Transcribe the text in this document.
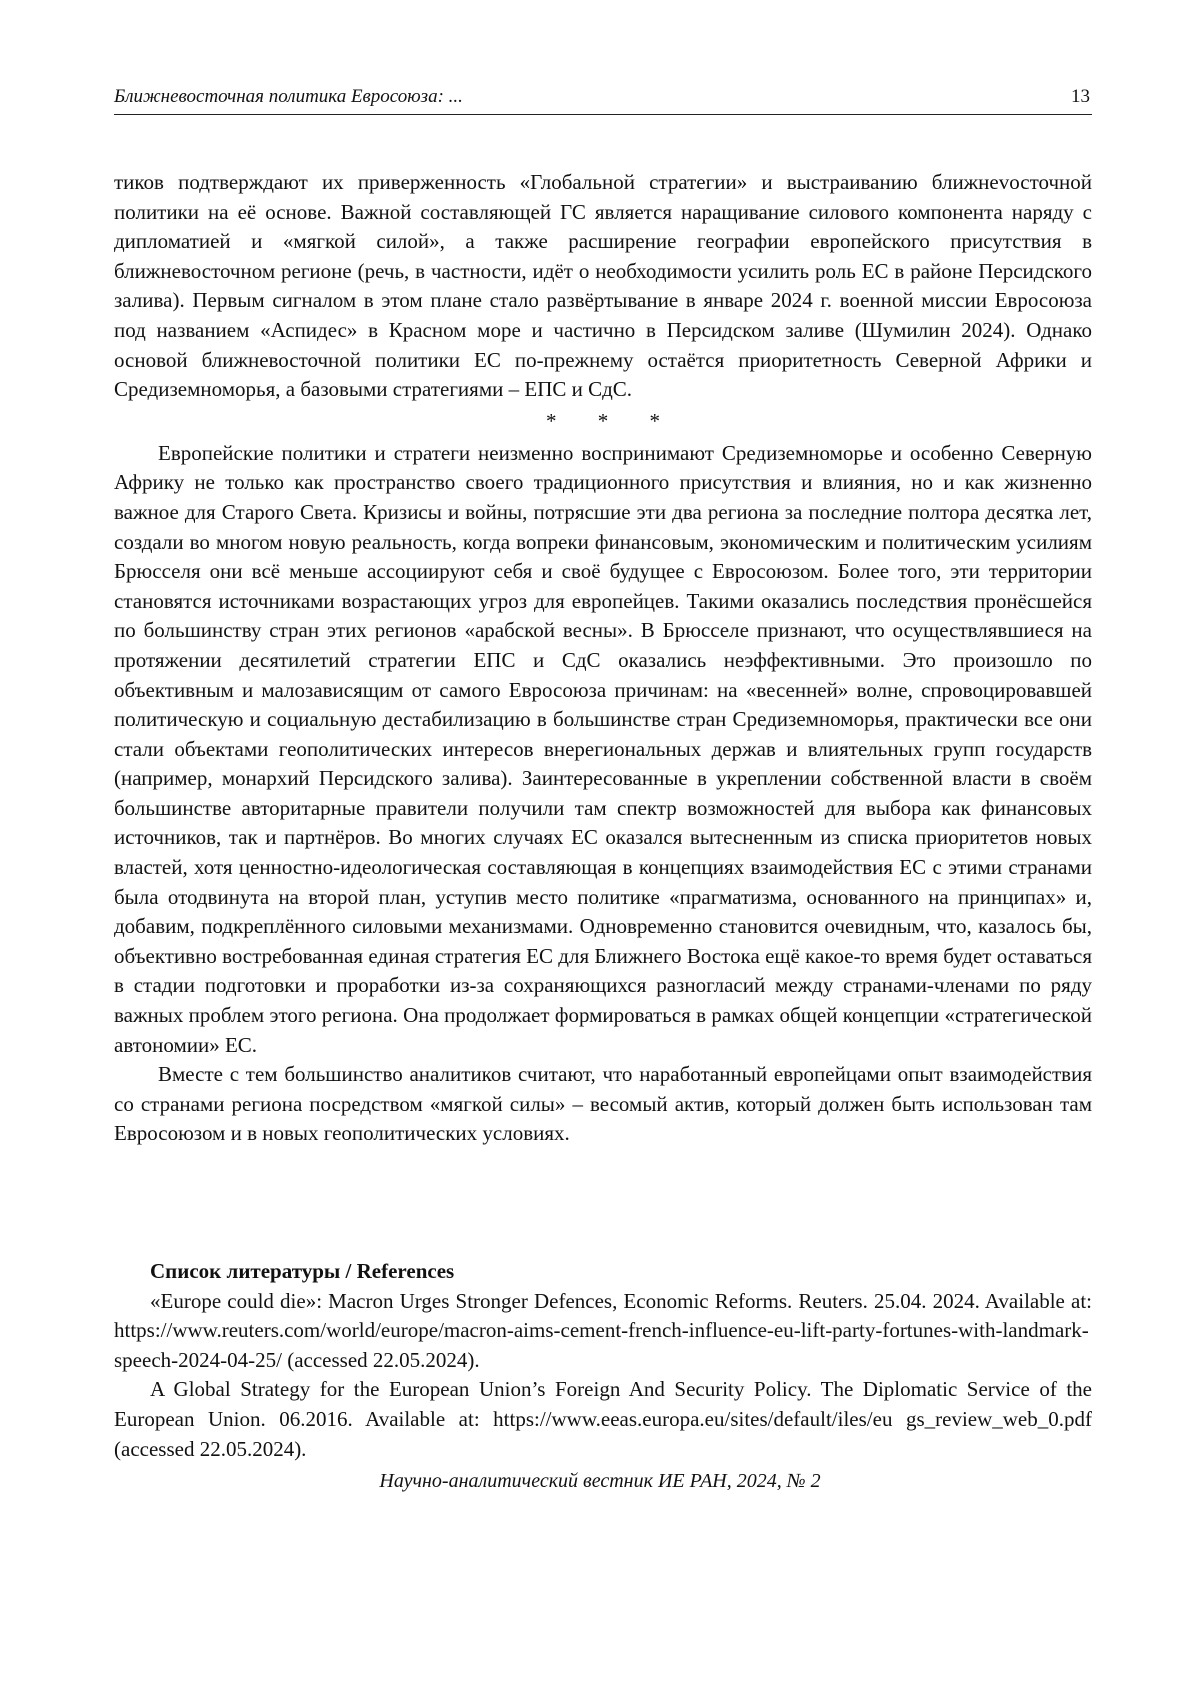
Ближневосточная политика Евросоюза: ...	13

тиков подтверждают их приверженность «Глобальной стратегии» и выстраиванию ближнеvосточной политики на её основе. Важной составляющей ГС является наращивание силового компонента наряду с дипломатией и «мягкой силой», а также расширение географии европейского присутствия в ближневосточном регионе (речь, в частности, идёт о необходимости усилить роль ЕС в районе Персидского залива). Первым сигналом в этом плане стало развёртывание в январе 2024 г. военной миссии Евросоюза под названием «Аспидес» в Красном море и частично в Персидском заливе (Шумилин 2024). Однако основой ближневосточной политики ЕС по-прежнему остаётся приоритетность Северной Африки и Средиземноморья, а базовыми стратегиями – ЕПС и СдС.

* * *

Европейские политики и стратеги неизменно воспринимают Средиземноморье и особенно Северную Африку не только как пространство своего традиционного присутствия и влияния, но и как жизненно важное для Старого Света. Кризисы и войны, потрясшие эти два региона за последние полтора десятка лет, создали во многом новую реальность, когда вопреки финансовым, экономическим и политическим усилиям Брюсселя они всё меньше ассоциируют себя и своё будущее с Евросоюзом. Более того, эти территории становятся источниками возрастающих угроз для европейцев. Такими оказались последствия пронёсшейся по большинству стран этих регионов «арабской весны». В Брюсселе признают, что осуществлявшиеся на протяжении десятилетий стратегии ЕПС и СдС оказались неэффективными. Это произошло по объективным и малозависящим от самого Евросоюза причинам: на «весенней» волне, спровоцировавшей политическую и социальную дестабилизацию в большинстве стран Средиземноморья, практически все они стали объектами геополитических интересов внерегиональных держав и влиятельных групп государств (например, монархий Персидского залива). Заинтересованные в укреплении собственной власти в своём большинстве авторитарные правители получили там спектр возможностей для выбора как финансовых источников, так и партнёров. Во многих случаях ЕС оказался вытесненным из списка приоритетов новых властей, хотя ценностно-идеологическая составляющая в концепциях взаимодействия ЕС с этими странами была отодвинута на второй план, уступив место политике «прагматизма, основанного на принципах» и, добавим, подкреплённого силовыми механизмами. Одновременно становится очевидным, что, казалось бы, объективно востребованная единая стратегия ЕС для Ближнего Востока ещё какое-то время будет оставаться в стадии подготовки и проработки из-за сохраняющихся разногласий между странами-членами по ряду важных проблем этого региона. Она продолжает формироваться в рамках общей концепции «стратегической автономии» ЕС.

Вместе с тем большинство аналитиков считают, что наработанный европейцами опыт взаимодействия со странами региона посредством «мягкой силы» – весомый актив, который должен быть использован там Евросоюзом и в новых геополитических условиях.

Список литературы / References

«Europe could die»: Macron Urges Stronger Defences, Economic Reforms. Reuters. 25.04. 2024. Available at: https://www.reuters.com/world/europe/macron-aims-cement-french-influence-eu-lift-party-fortunes-with-landmark-speech-2024-04-25/ (accessed 22.05.2024).

A Global Strategy for the European Union’s Foreign And Security Policy. The Diplomatic Service of the European Union. 06.2016. Available at: https://www.eeas.europa.eu/sites/default/iles/eu gs_review_web_0.pdf (accessed 22.05.2024).

Научно-аналитический вестник ИЕ РАН, 2024, № 2
